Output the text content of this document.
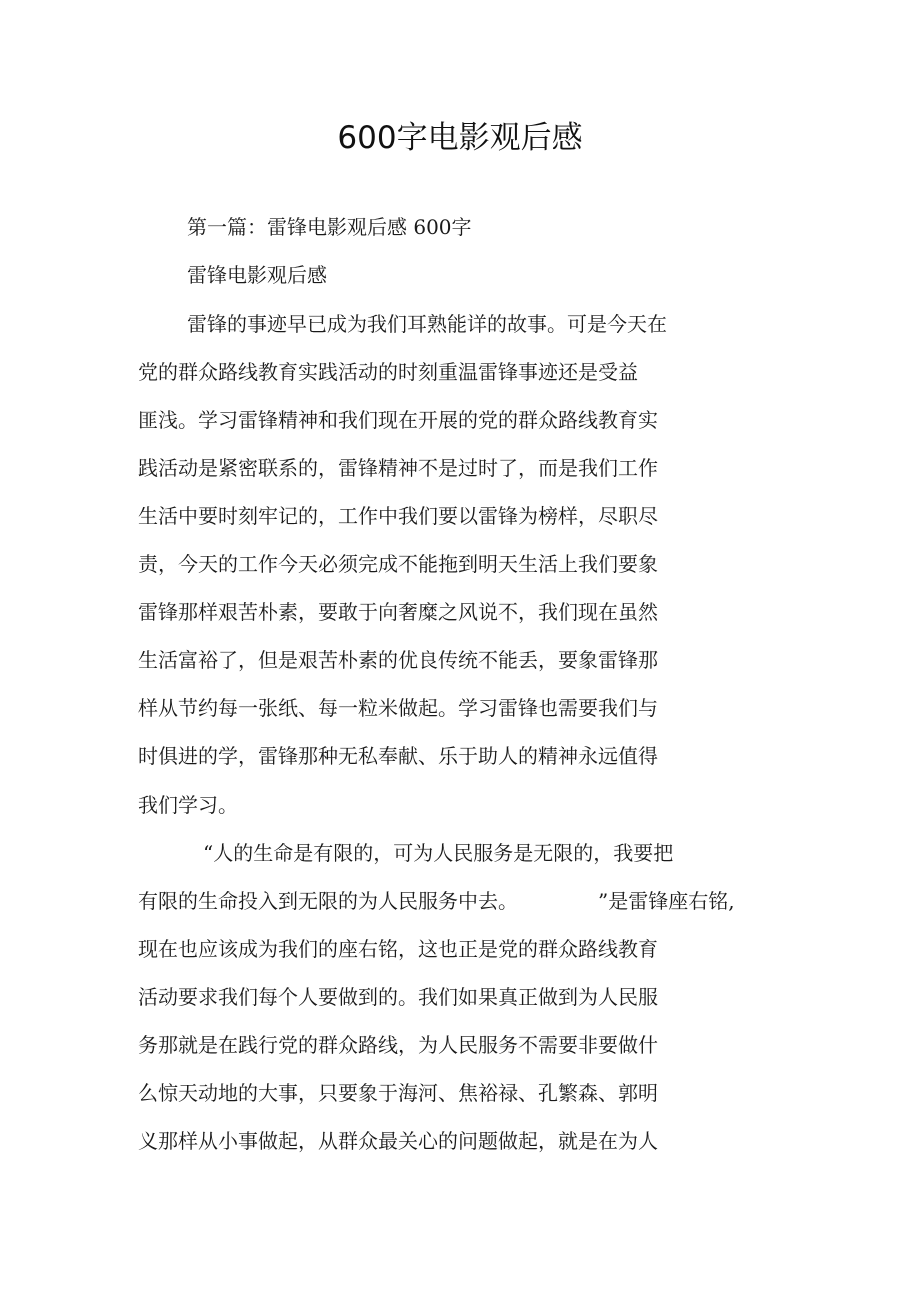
600字电影观后感
第一篇：雷锋电影观后感 600字
雷锋电影观后感
雷锋的事迹早已成为我们耳熟能详的故事。可是今天在
党的群众路线教育实践活动的时刻重温雷锋事迹还是受益
匪浅。学习雷锋精神和我们现在开展的党的群众路线教育实
践活动是紧密联系的，雷锋精神不是过时了，而是我们工作
生活中要时刻牢记的，工作中我们要以雷锋为榜样，尽职尽
责，今天的工作今天必须完成不能拖到明天生活上我们要象
雷锋那样艰苦朴素，要敢于向奢糜之风说不，我们现在虽然
生活富裕了，但是艰苦朴素的优良传统不能丢，要象雷锋那
样从节约每一张纸、每一粒米做起。学习雷锋也需要我们与
时俱进的学，雷锋那种无私奉献、乐于助人的精神永远值得
我们学习。
“人的生命是有限的，可为人民服务是无限的，我要把
有限的生命投入到无限的为人民服务中去。	”是雷锋座右铭,
现在也应该成为我们的座右铭，这也正是党的群众路线教育
活动要求我们每个人要做到的。我们如果真正做到为人民服
务那就是在践行党的群众路线，为人民服务不需要非要做什
么惊天动地的大事，只要象于海河、焦裕禄、孔繁森、郭明
义那样从小事做起，从群众最关心的问题做起，就是在为人
